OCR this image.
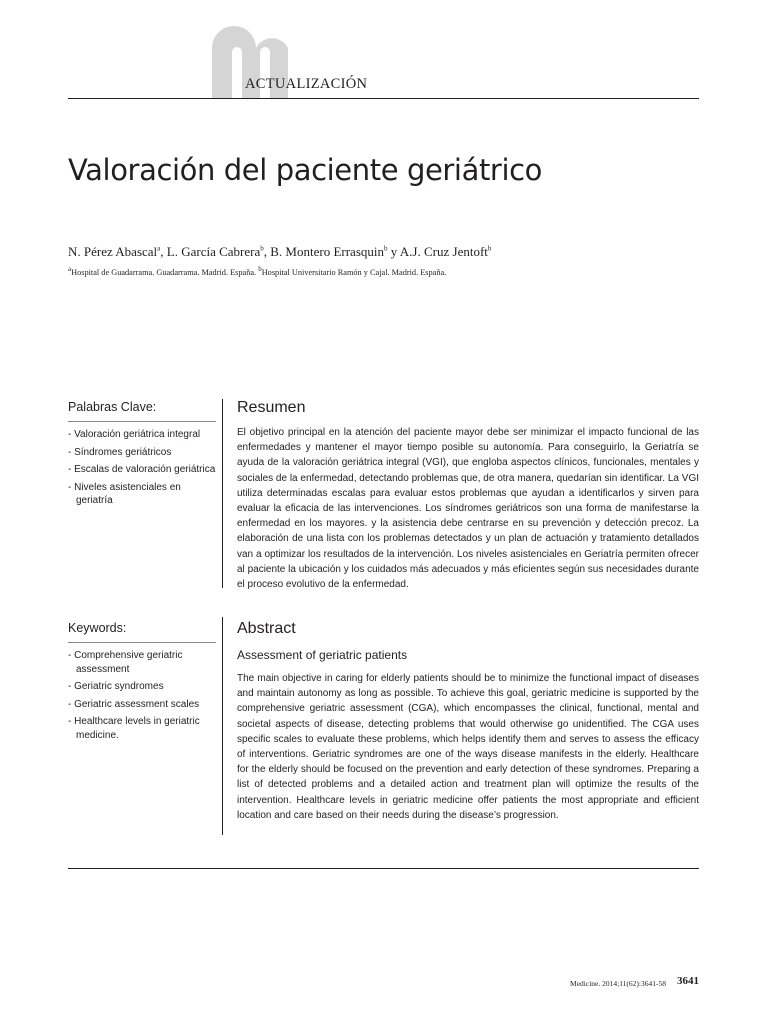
ACTUALIZACIÓN
Valoración del paciente geriátrico

N. Pérez Abascal$^a$, L. García Cabrera$^b$, B. Montero Errasquin$^b$ y A.J. Cruz Jentoft$^b$

$^a$Hospital de Guadarrama. Guadarrama. Madrid. España. $^b$Hospital Universitario Ramón y Cajal. Madrid. España.

Palabras Clave:
- Valoración geriátrica integral
- Síndromes geriátricos
- Escalas de valoración geriátrica
- Niveles asistenciales en geriatría
Keywords:
- Comprehensive geriatric assessment
- Geriatric syndromes
- Geriatric assessment scales
- Healthcare levels in geriatric medicine.
Resumen

El objetivo principal en la atención del paciente mayor debe ser minimizar el impacto funcional de las enfermedades y mantener el mayor tiempo posible su autonomía. Para conseguirlo, la Geriatría se ayuda de la valoración geriátrica integral (VGI), que engloba aspectos clínicos, funcionales, mentales y sociales de la enfermedad, detectando problemas que, de otra manera, quedarían sin identificar. La VGI utiliza determinadas escalas para evaluar estos problemas que ayudan a identificarlos y sirven para evaluar la eficacia de las intervenciones. Los síndromes geriátricos son una forma de manifestarse la enfermedad en los mayores. y la asistencia debe centrarse en su prevención y detección precoz. La elaboración de una lista con los problemas detectados y un plan de actuación y tratamiento detallados van a optimizar los resultados de la intervención. Los niveles asistenciales en Geriatría permiten ofrecer al paciente la ubicación y los cuidados más adecuados y más eficientes según sus necesidades durante el proceso evolutivo de la enfermedad.

Abstract
Assessment of geriatric patients

The main objective in caring for elderly patients should be to minimize the functional impact of diseases and maintain autonomy as long as possible. To achieve this goal, geriatric medicine is supported by the comprehensive geriatric assessment (CGA), which encompasses the clinical, functional, mental and societal aspects of disease, detecting problems that would otherwise go unidentified. The CGA uses specific scales to evaluate these problems, which helps identify them and serves to assess the efficacy of interventions. Geriatric syndromes are one of the ways disease manifests in the elderly. Healthcare for the elderly should be focused on the prevention and early detection of these syndromes. Preparing a list of detected problems and a detailed action and treatment plan will optimize the results of the intervention. Healthcare levels in geriatric medicine offer patients the most appropriate and efficient location and care based on their needs during the disease’s progression.

Medicine. 2014;11(62):3641-58 3641
